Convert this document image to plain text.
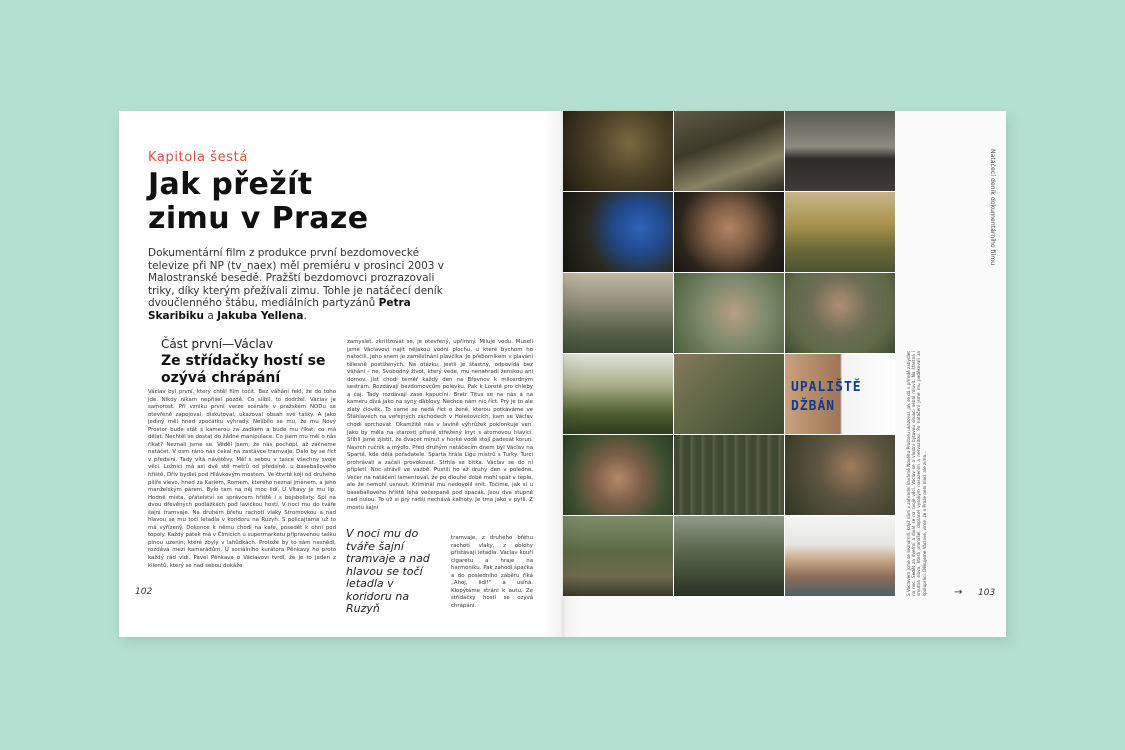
Kapitola šestá
Jak přežít
zimu v Praze
Dokumentární film z produkce první bezdomovecké televize při NP (tv_naex) měl premiéru v prosinci 2003 v Malostranské besedě. Pražští bezdomovci prozrazovali triky, díky kterým přežívali zimu. Tohle je natáčecí deník dvoučlenného štábu, mediálních partyzánů Petra Skaribiku a Jakuba Yellena.
Část první—Václav
Ze střídačky hostí se ozývá chrápání
Václav byl první, který chtěl film točit. Bez váhání řekl, že do toho jde. Nikdy nikam nepřišel pozdě. Co slíbil, to dodržel. Václav je samorost. Při vzniku první verze scénáře v pražském NODu se otevřeně zapojoval, diskutoval, ukazoval obsah své tašky. A jako jediný měl hned zpočátku výhrady. Nelíbilo se mu, že mu Nový Prostor bude stát s kamerou za zadkem a bude mu říkat, co má dělat. Nechtěl se dostat do žádné manipulace. Co jsem mu měl o nás říkat? Neznali jsme se. Věděl jsem, že nás pochopí, až začneme natáčet. V osm ráno nás čekal na zastávce tramvaje. Dalo by se říct v předsíni. Tady vítá návštěvy. Měl s sebou v tašce všechny svoje věci. Ložnici má asi dvě stě metrů od předsíně, u baseballového hřiště. Dřív bydlel pod Hlávkovým mostem. Ve čtvrté kóji od druhého pilíře vlevo, hned za Karlem, Romem, kterého neznal jménem, a jeho manželským párem. Bylo tam na něj moc lidí. U Vltavy je mu líp. Hodně místa, přátelství se správcem hřiště i s bejsbolisty. Spí na dvou dřevěných podlážkách pod lavičkou hostí. V noci mu do tváře šajní tramvaje. Na druhém břehu rachotí vlaky Stromovkou a nad hlavou se mu točí letadla v koridoru na Ruzyň. S policajtama už to má vyřízený. Dokonce k němu chodí na kafe, posedět k ohni pod topoly. Každý pátek má v Čimicích u supermarketu připravenou tašku plnou uzenin, které zbyly v lahůdkách. Protože by to sám nesnědl, rozdává mezi kamarádům. U sociálního kurátora Pěnkavy ho proto každý rád vidí. Pavel Pěnkava o Václavovi tvrdí, že je to jeden z klientů, který se nad sebou dokáže
zamyslet, zkritizovat se, je otevřený, upřímný. Miluje vodu. Museli jsme Václavovi najít nějakou vodní plochu, u které bychom ho natočili. Jeho snem je zaměstnání plavčíka. Je přeborníkem v plavání tělesně postižených. Na otázku, jestli je šťastný, odpovídá bez váhání – ne. Svobodný život, který vede, mu nenahradí ženskou ani domov. Jíst chodí téměř každý den na Břevnov k milosrdným sestrám. Rozdávají bezdomovcům polévku. Pak k Loretě pro chleby a čaj. Tady rozdávají zase kapucíni. Bratr Titus se na nás a na kameru dívá jako na syny ďáblovy. Nechce nám nic říct. Prý je to ale zlatý člověk. To samé se nedá říct o ženě, kterou potkáváme ve Šťáhlavech na veřejných záchodech v Holešovicích, kam se Václav chodí sprchovat. Okamžitě nás v lavině výhrůžek poklonkuje ven. Jako by měla na starosti přísně střežený kryt s atomovou hlavicí. Stihli jsme zjistit, že dvacet minut v horké vodě stojí padesát korun. Navrch ručník a mýdlo. Před druhým natáčecím dnem byl Václav na Spartě, kde dělá pořadatele. Sparta hrála Ligu mistrů s Turky. Turci prohrávali a začali provokovat. Strhla se bitka. Václav se do ní připletl. Noc strávil ve vazbě. Pustili ho až druhý den v poledne. Večer na natáčení lamentoval, že po dlouhé době mohl spát v teple, ale že nemohl usnout. Kriminál mu nedovolil snít. Točíme, jak si u baseballového hřiště lehá večerpaně pod spacák. Jsou dva stupně nad nulou. To už si prý radši nechává kalhoty. Je tma jako v pytli. Z mostu šajní
V noci mu do tváře šajní tramvaje a nad hlavou se točí letadla v koridoru na Ruzyň
tramvaje, z druhého břehu rachotí vlaky, z oblohy přistávají letadla. Václav kouří cigaretu a hraje na harmoniku. Pak zahodí špačka a do posledního záběru říká „Ahoj, lidi!“ a usíná. Klopýtáme stráni k autu. Ze střídačky hostí se ozývá chrápání.
102
UPALIŠTĚ
DŽBÁN
Natáčecí deník dokumentárního filmu
S Václavem jsme se seznámili, když nám v zahradní kavárně Nového Prostoru ukazoval, jak se dá v přírodě zabydlet na noc. Sedět za dveřmi a dívat se na svoje věci. Václav se o vlastní bytovou situaci nebál mluvit. Na šťastná i smutná slova, která pronášel, doplácel vysokým nasazením a nervozitou. Po natáčení jsme mu poděkovali za spolupráci. Děkujeme Václave, víme, že v Praze není hlad, ale zima…	→ 103
